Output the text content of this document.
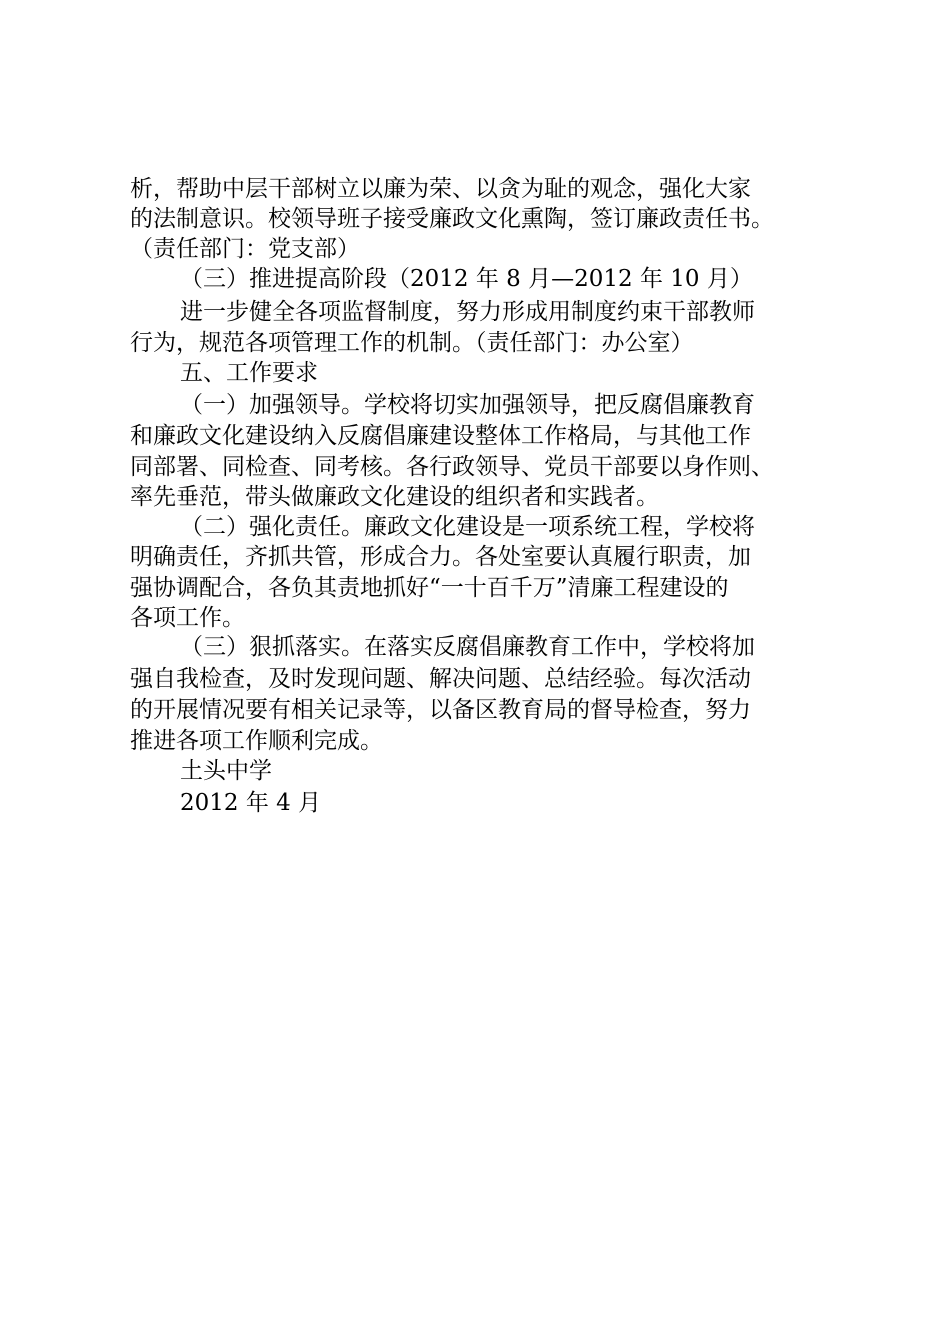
析，帮助中层干部树立以廉为荣、以贪为耻的观念，强化大家
的法制意识。校领导班子接受廉政文化熏陶，签订廉政责任书。
（责任部门：党支部）
（三）推进提高阶段（2012 年 8 月—2012 年 10 月）
进一步健全各项监督制度，努力形成用制度约束干部教师
行为，规范各项管理工作的机制。（责任部门：办公室）
五、工作要求
（一）加强领导。学校将切实加强领导，把反腐倡廉教育
和廉政文化建设纳入反腐倡廉建设整体工作格局，与其他工作
同部署、同检查、同考核。各行政领导、党员干部要以身作则、
率先垂范，带头做廉政文化建设的组织者和实践者。
（二）强化责任。廉政文化建设是一项系统工程，学校将
明确责任，齐抓共管，形成合力。各处室要认真履行职责，加
强协调配合，各负其责地抓好“一十百千万”清廉工程建设的
各项工作。
（三）狠抓落实。在落实反腐倡廉教育工作中，学校将加
强自我检查，及时发现问题、解决问题、总结经验。每次活动
的开展情况要有相关记录等，以备区教育局的督导检查，努力
推进各项工作顺利完成。
土头中学
2012 年 4 月
